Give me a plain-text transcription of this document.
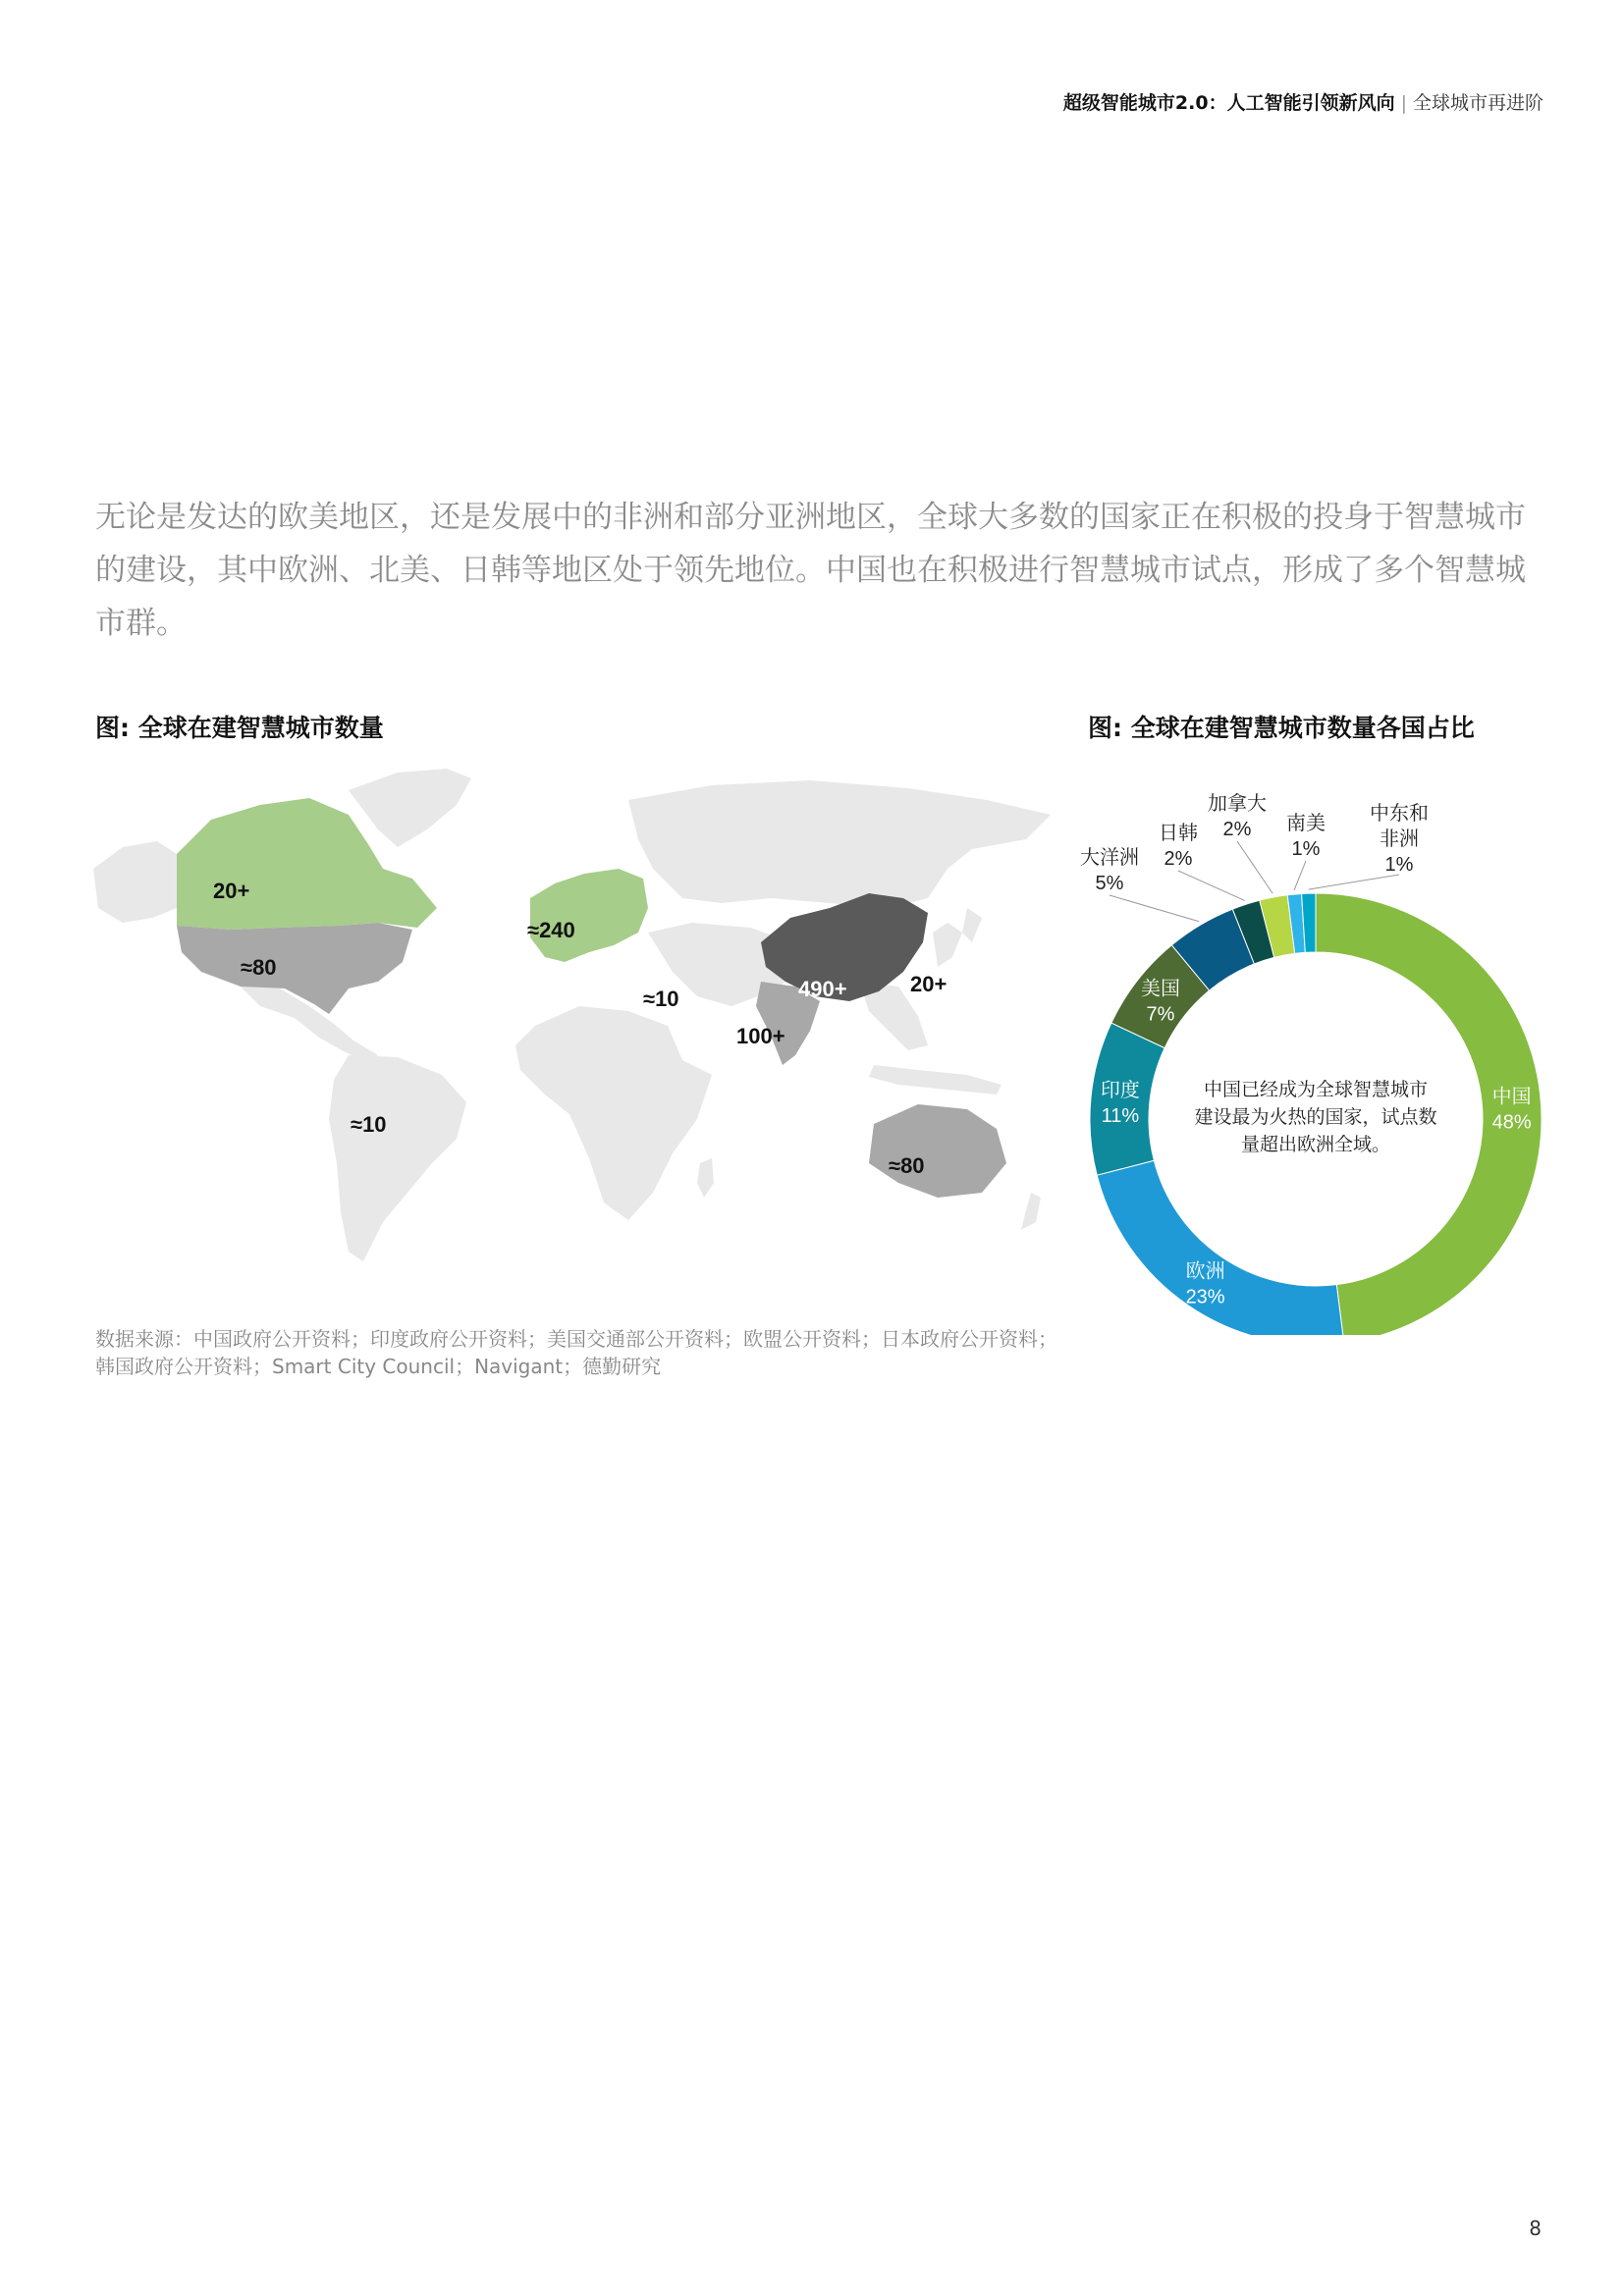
超级智能城市2.0：人工智能引领新风向 | 全球城市再进阶

无论是发达的欧美地区，还是发展中的非洲和部分亚洲地区，全球大多数的国家正在积极的投身于智慧城市的建设，其中欧洲、北美、日韩等地区处于领先地位。中国也在积极进行智慧城市试点，形成了多个智慧城市群。

图: 全球在建智慧城市数量	图: 全球在建智慧城市数量各国占比
20+
≈80
≈240
≈10	490+	20+
100+
≈10
≈80
中国 48%
欧洲 23%
印度 11%
美国 7%
大洋洲 5%
日韩 2%
加拿大 2%	南美 1%
中东和非洲 1%
中国已经成为全球智慧城市
建设最为火热的国家，试点数
量超出欧洲全域。
数据来源：中国政府公开资料；印度政府公开资料；美国交通部公开资料；欧盟公开资料；日本政府公开资料；韩国政府公开资料；Smart City Council；Navigant；德勤研究
8
